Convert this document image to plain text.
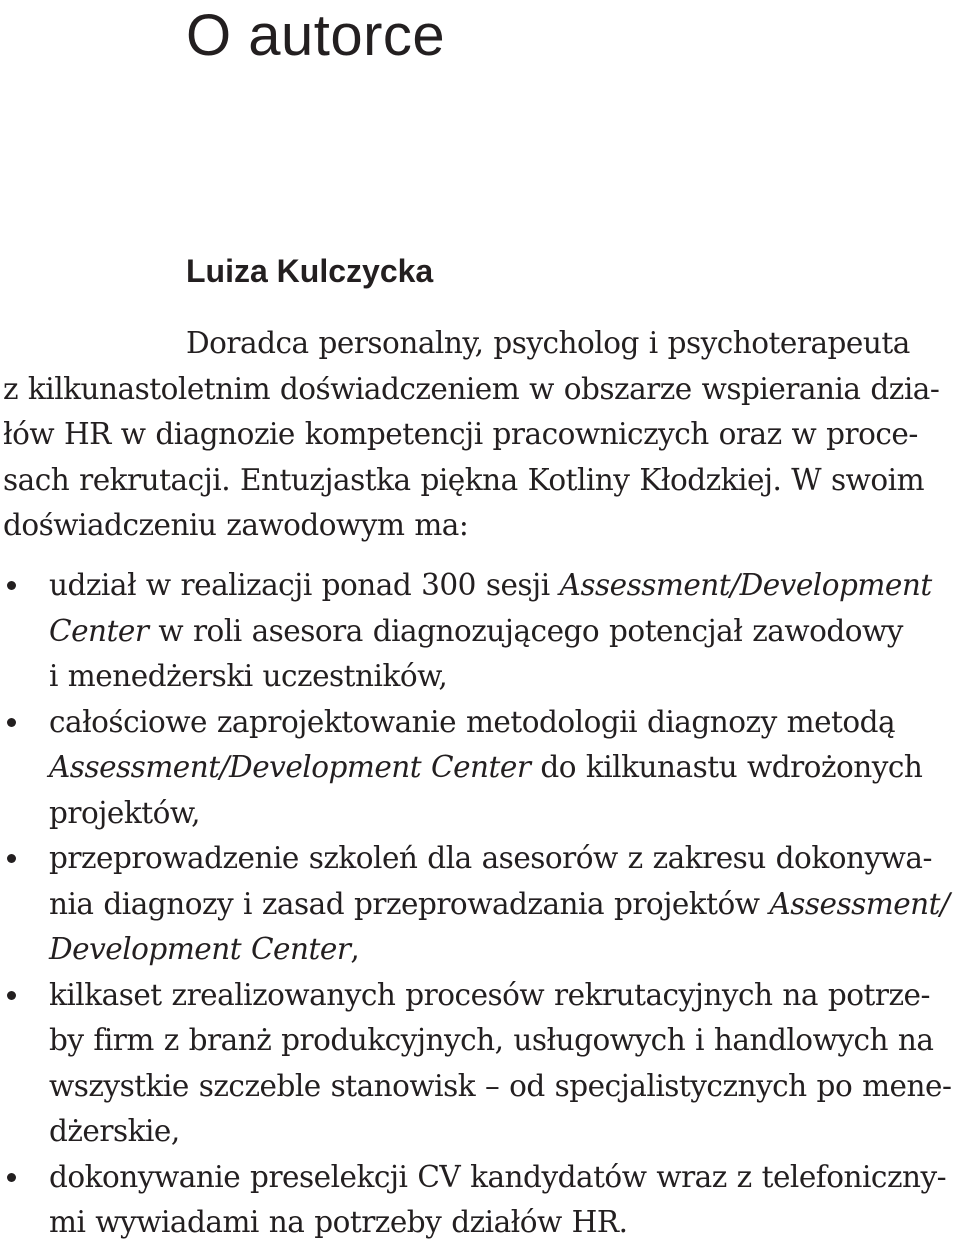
O autorce
Luiza Kulczycka

Doradca personalny, psycholog i psychoterapeuta
z kilkunastoletnim doświadczeniem w obszarze wspierania dzia-
łów HR w diagnozie kompetencji pracowniczych oraz w proce-
sach rekrutacji. Entuzjastka piękna Kotliny Kłodzkiej. W swoim
doświadczeniu zawodowym ma:

udział w realizacji ponad 300 sesji Assessment/Development
Center w roli asesora diagnozującego potencjał zawodowy
i menedżerski uczestników,
całościowe zaprojektowanie metodologii diagnozy metodą
Assessment/Development Center do kilkunastu wdrożonych
projektów,
przeprowadzenie szkoleń dla asesorów z zakresu dokonywa-
nia diagnozy i zasad przeprowadzania projektów Assessment/
Development Center,
kilkaset zrealizowanych procesów rekrutacyjnych na potrze-
by firm z branż produkcyjnych, usługowych i handlowych na
wszystkie szczeble stanowisk – od specjalistycznych po mene-
dżerskie,
dokonywanie preselekcji CV kandydatów wraz z telefoniczny-
mi wywiadami na potrzeby działów HR.
